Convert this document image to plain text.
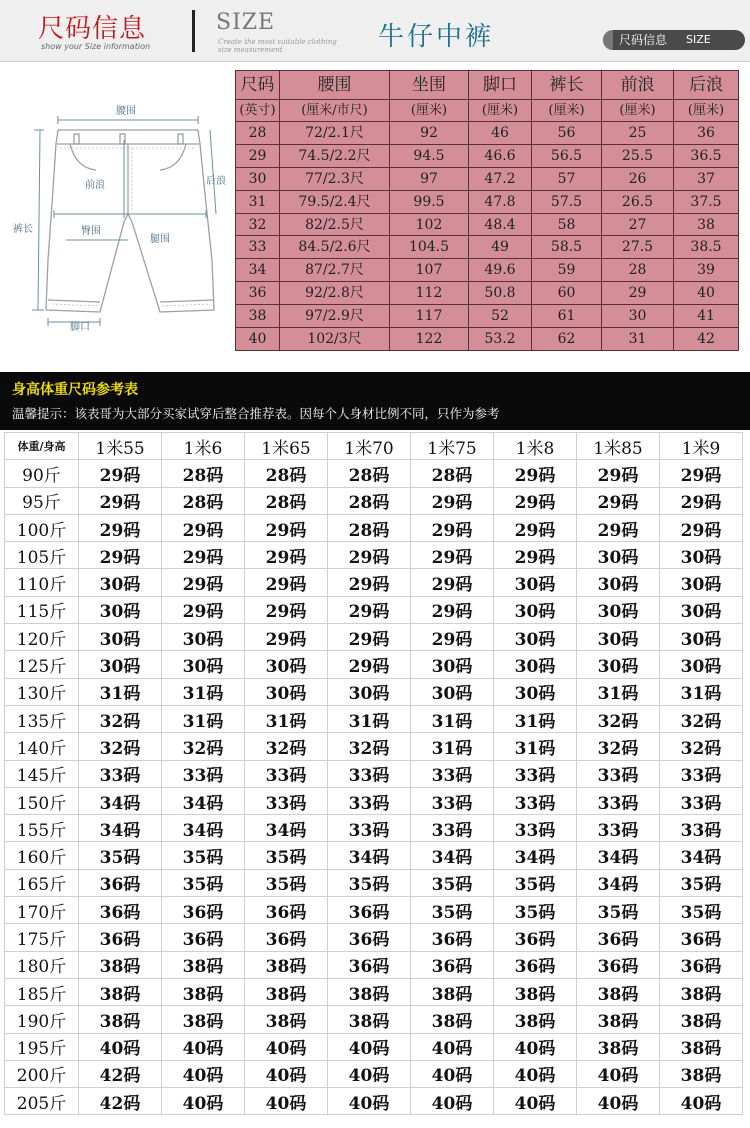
尺码信息
show your Size information
SIZE
Create the most suitable clothing size measurement	牛仔中裤	尺码信息 SIZE
腰围
前浪	后浪
裤长	臀围
腿围
脚口
尺码	腰围	坐围	脚口	裤长	前浪	后浪
(英寸)	(厘米/市尺)	(厘米)	(厘米)	(厘米)	(厘米)	(厘米)
28	72/2.1尺	92	46	56	25	36
29	74.5/2.2尺	94.5	46.6	56.5	25.5	36.5
30	77/2.3尺	97	47.2	57	26	37
31	79.5/2.4尺	99.5	47.8	57.5	26.5	37.5
32	82/2.5尺	102	48.4	58	27	38
33	84.5/2.6尺	104.5	49	58.5	27.5	38.5
34	87/2.7尺	107	49.6	59	28	39
36	92/2.8尺	112	50.8	60	29	40
38	97/2.9尺	117	52	61	30	41
40	102/3尺	122	53.2	62	31	42
身高体重尺码参考表
温馨提示：该表哥为大部分买家试穿后整合推荐表。因每个人身材比例不同，只作为参考
体重/身高	1米55	1米6	1米65	1米70	1米75	1米8	1米85	1米9
90斤	29码	28码	28码	28码	28码	29码	29码	29码
95斤	29码	28码	28码	28码	29码	29码	29码	29码
100斤	29码	29码	29码	28码	29码	29码	29码	29码
105斤	29码	29码	29码	29码	29码	29码	30码	30码
110斤	30码	29码	29码	29码	29码	30码	30码	30码
115斤	30码	29码	29码	29码	29码	30码	30码	30码
120斤	30码	30码	29码	29码	29码	30码	30码	30码
125斤	30码	30码	30码	29码	30码	30码	30码	30码
130斤	31码	31码	30码	30码	30码	30码	31码	31码
135斤	32码	31码	31码	31码	31码	31码	32码	32码
140斤	32码	32码	32码	32码	31码	31码	32码	32码
145斤	33码	33码	33码	33码	33码	33码	33码	33码
150斤	34码	34码	33码	33码	33码	33码	33码	33码
155斤	34码	34码	34码	33码	33码	33码	33码	33码
160斤	35码	35码	35码	34码	34码	34码	34码	34码
165斤	36码	35码	35码	35码	35码	35码	34码	35码
170斤	36码	36码	36码	36码	35码	35码	35码	35码
175斤	36码	36码	36码	36码	36码	36码	36码	36码
180斤	38码	38码	38码	36码	36码	36码	36码	36码
185斤	38码	38码	38码	38码	38码	38码	38码	38码
190斤	38码	38码	38码	38码	38码	38码	38码	38码
195斤	40码	40码	40码	40码	40码	40码	38码	38码
200斤	42码	40码	40码	40码	40码	40码	40码	38码
205斤	42码	40码	40码	40码	40码	40码	40码	40码
